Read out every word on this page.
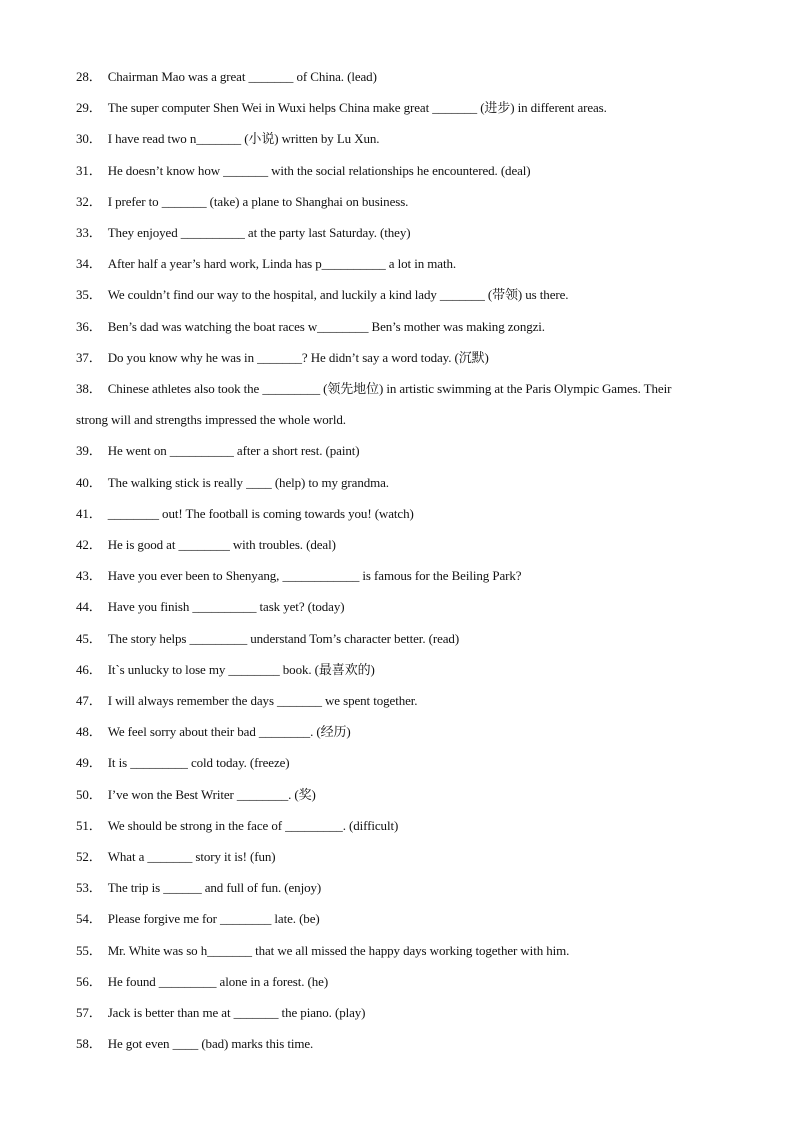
28． Chairman Mao was a great _______ of China. (lead)
29． The super computer Shen Wei in Wuxi helps China make great _______ (进步) in different areas.
30． I have read two n_______ (小说) written by Lu Xun.
31． He doesn’t know how _______ with the social relationships he encountered. (deal)
32． I prefer to _______ (take) a plane to Shanghai on business.
33． They enjoyed __________ at the party last Saturday. (they)
34． After half a year’s hard work, Linda has p__________ a lot in math.
35． We couldn’t find our way to the hospital, and luckily a kind lady _______ (带领) us there.
36． Ben’s dad was watching the boat races w________ Ben’s mother was making zongzi.
37． Do you know why he was in _______? He didn’t say a word today. (沉默)
38． Chinese athletes also took the _________ (领先地位) in artistic swimming at the Paris Olympic Games. Their
strong will and strengths impressed the whole world.
39． He went on __________ after a short rest. (paint)
40． The walking stick is really ____ (help) to my grandma.
41． ________ out! The football is coming towards you! (watch)
42． He is good at ________ with troubles. (deal)
43． Have you ever been to Shenyang, ____________ is famous for the Beiling Park?
44． Have you finish __________ task yet? (today)
45． The story helps _________ understand Tom’s character better. (read)
46． It`s unlucky to lose my ________ book. (最喜欢的)
47． I will always remember the days _______ we spent together.
48． We feel sorry about their bad ________. (经历)
49． It is _________ cold today. (freeze)
50． I’ve won the Best Writer ________. (奖)
51． We should be strong in the face of _________. (difficult)
52． What a _______ story it is! (fun)
53． The trip is ______ and full of fun. (enjoy)
54． Please forgive me for ________ late. (be)
55． Mr. White was so h_______ that we all missed the happy days working together with him.
56． He found _________ alone in a forest. (he)
57． Jack is better than me at _______ the piano. (play)
58． He got even ____ (bad) marks this time.
